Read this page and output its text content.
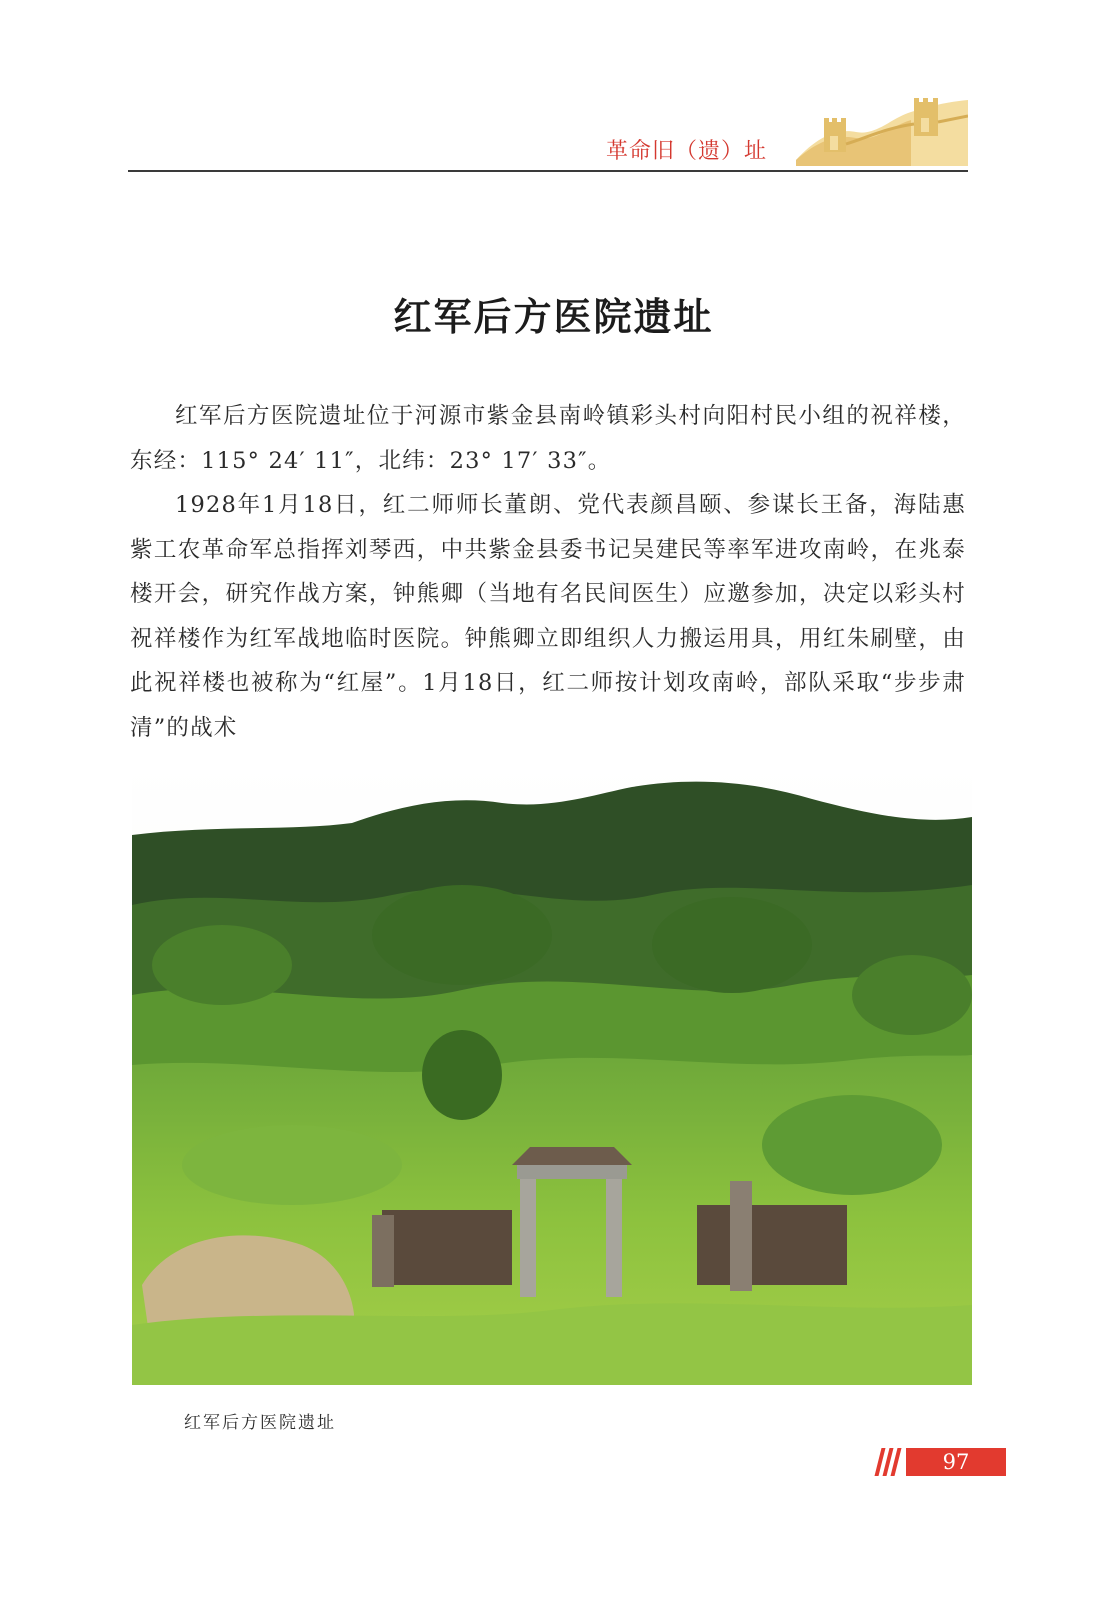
革命旧（遗）址
红军后方医院遗址

红军后方医院遗址位于河源市紫金县南岭镇彩头村向阳村民小组的祝祥楼，东经：115° 24′ 11″，北纬：23° 17′ 33″。

1928年1月18日，红二师师长董朗、党代表颜昌颐、参谋长王备，海陆惠紫工农革命军总指挥刘琴西，中共紫金县委书记吴建民等率军进攻南岭，在兆泰楼开会，研究作战方案，钟熊卿（当地有名民间医生）应邀参加，决定以彩头村祝祥楼作为红军战地临时医院。钟熊卿立即组织人力搬运用具，用红朱刷壁，由此祝祥楼也被称为“红屋”。1月18日，红二师按计划攻南岭，部队采取“步步肃清”的战术

红军后方医院遗址
97
